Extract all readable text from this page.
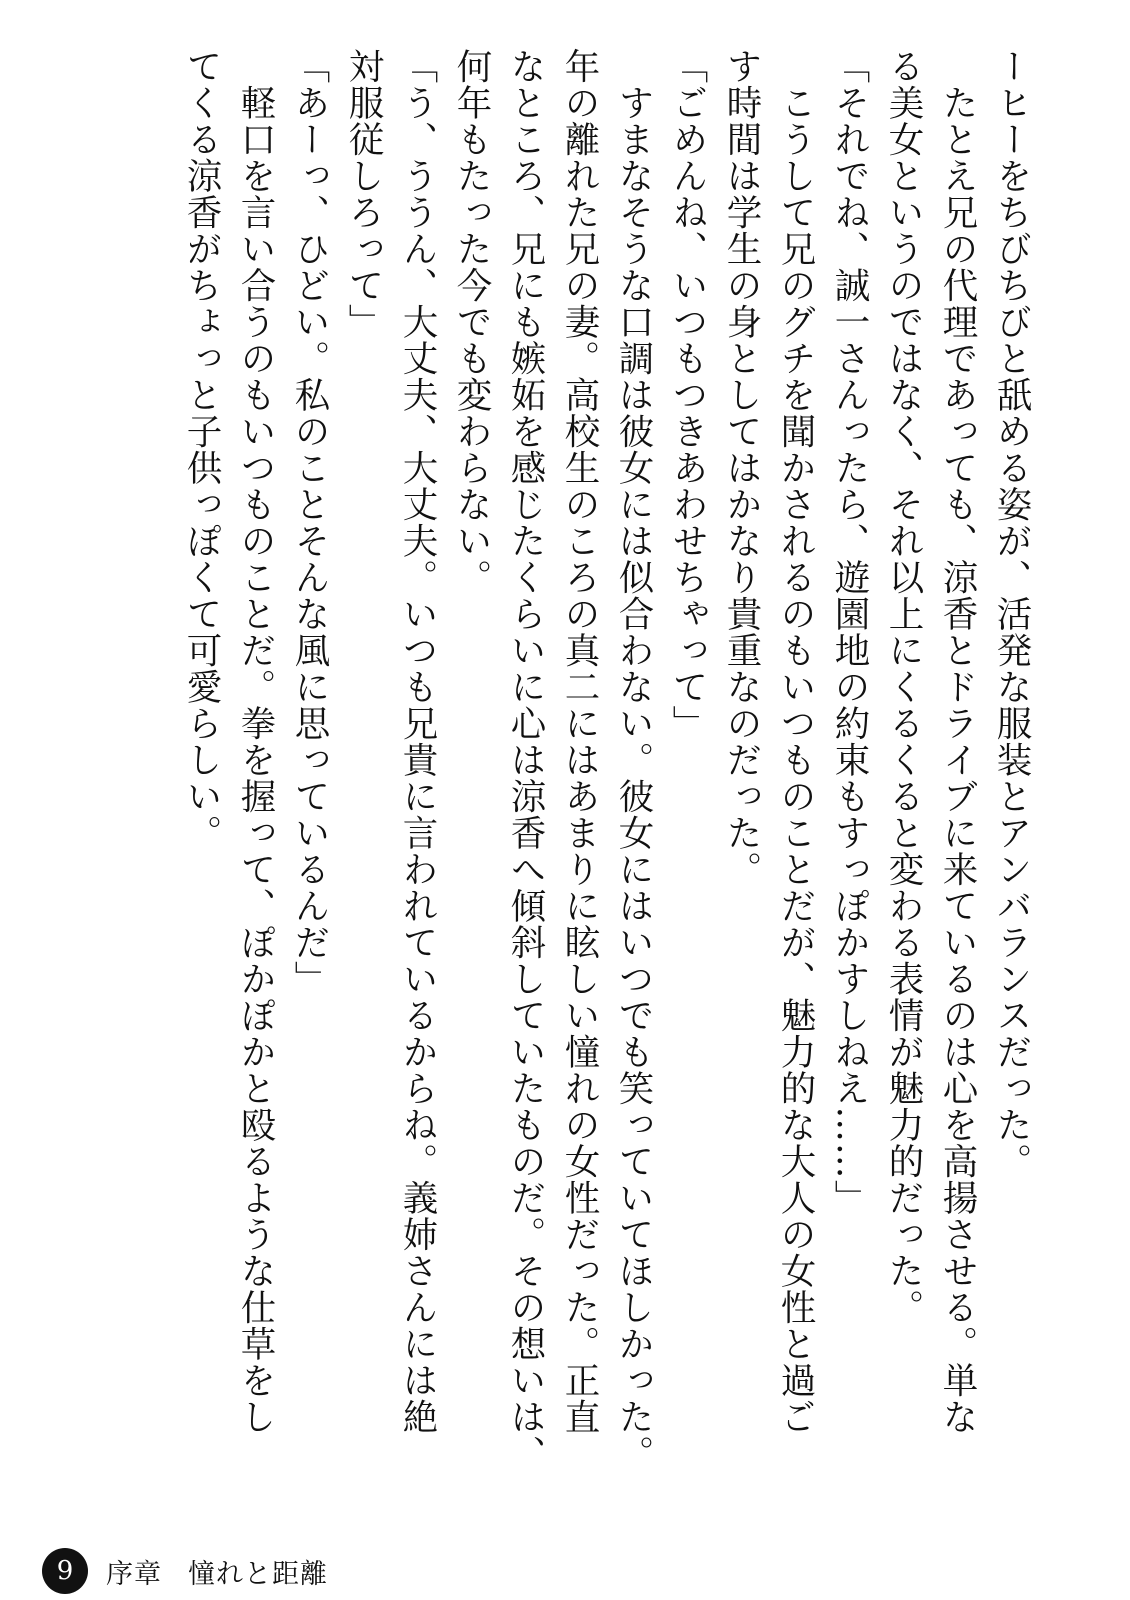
ーヒーをちびちびと舐める姿が、活発な服装とアンバランスだった。
　たとえ兄の代理であっても、涼香とドライブに来ているのは心を高揚させる。単な
る美女というのではなく、それ以上にくるくると変わる表情が魅力的だった。
「それでね、誠一さんったら、遊園地の約束もすっぽかすしねえ……」
　こうして兄のグチを聞かされるのもいつものことだが、魅力的な大人の女性と過ご
す時間は学生の身としてはかなり貴重なのだった。
「ごめんね、いつもつきあわせちゃって」
　すまなそうな口調は彼女には似合わない。彼女にはいつでも笑っていてほしかった。
年の離れた兄の妻。高校生のころの真二にはあまりに眩しい憧れの女性だった。正直
なところ、兄にも嫉妬を感じたくらいに心は涼香へ傾斜していたものだ。その想いは、
何年もたった今でも変わらない。
「う、ううん、大丈夫、大丈夫。いつも兄貴に言われているからね。義姉さんには絶
対服従しろって」
「あーっ、ひどい。私のことそんな風に思っているんだ」
　軽口を言い合うのもいつものことだ。拳を握って、ぽかぽかと殴るような仕草をし
てくる涼香がちょっと子供っぽくて可愛らしい。
9 序章 憧れと距離
